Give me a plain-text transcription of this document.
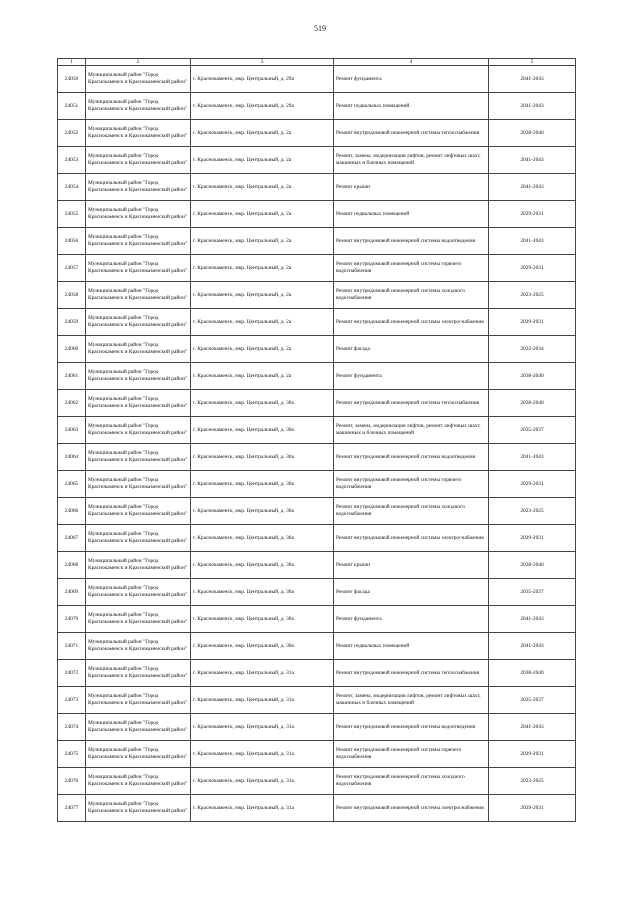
519
1	2	3	4	5
24050	Муниципальный район "Город Краснокаменск и Краснокаменский район"	г. Краснокаменск, мкр. Центральный, д. 29а	Ремонт фундамента	2041-2043
24051	Муниципальный район "Город Краснокаменск и Краснокаменский район"	г. Краснокаменск, мкр. Центральный, д. 29а	Ремонт подвальных помещений	2041-2043
24052	Муниципальный район "Город Краснокаменск и Краснокаменский район"	г. Краснокаменск, мкр. Центральный, д. 2а	Ремонт внутридомовой инженерной системы теплоснабжения	2038-2040
24053	Муниципальный район "Город Краснокаменск и Краснокаменский район"	г. Краснокаменск, мкр. Центральный, д. 2а	Ремонт, замена, модернизация лифтов, ремонт лифтовых шахт, машинных и блочных помещений	2041-2043
24054	Муниципальный район "Город Краснокаменск и Краснокаменский район"	г. Краснокаменск, мкр. Центральный, д. 2а	Ремонт крыши	2041-2043
24055	Муниципальный район "Город Краснокаменск и Краснокаменский район"	г. Краснокаменск, мкр. Центральный, д. 2а	Ремонт подвальных помещений	2029-2031
24056	Муниципальный район "Город Краснокаменск и Краснокаменский район"	г. Краснокаменск, мкр. Центральный, д. 2а	Ремонт внутридомовой инженерной системы водоотведения	2041-2043
24057	Муниципальный район "Город Краснокаменск и Краснокаменский район"	г. Краснокаменск, мкр. Центральный, д. 2а	Ремонт внутридомовой инженерной системы горячего водоснабжения	2029-2031
24058	Муниципальный район "Город Краснокаменск и Краснокаменский район"	г. Краснокаменск, мкр. Центральный, д. 2а	Ремонт внутридомовой инженерной системы холодного водоснабжения	2023-2025
24059	Муниципальный район "Город Краснокаменск и Краснокаменский район"	г. Краснокаменск, мкр. Центральный, д. 2а	Ремонт внутридомовой инженерной системы электроснабжения	2029-2031
24060	Муниципальный район "Город Краснокаменск и Краснокаменский район"	г. Краснокаменск, мкр. Центральный, д. 2а	Ремонт фасада	2032-2034
24061	Муниципальный район "Город Краснокаменск и Краснокаменский район"	г. Краснокаменск, мкр. Центральный, д. 2а	Ремонт фундамента	2038-2040
24062	Муниципальный район "Город Краснокаменск и Краснокаменский район"	г. Краснокаменск, мкр. Центральный, д. 30а	Ремонт внутридомовой инженерной системы теплоснабжения	2038-2040
24063	Муниципальный район "Город Краснокаменск и Краснокаменский район"	г. Краснокаменск, мкр. Центральный, д. 30а	Ремонт, замена, модернизация лифтов, ремонт лифтовых шахт, машинных и блочных помещений	2035-2037
24064	Муниципальный район "Город Краснокаменск и Краснокаменский район"	г. Краснокаменск, мкр. Центральный, д. 30а	Ремонт внутридомовой инженерной системы водоотведения	2041-2043
24065	Муниципальный район "Город Краснокаменск и Краснокаменский район"	г. Краснокаменск, мкр. Центральный, д. 30а	Ремонт внутридомовой инженерной системы горячего водоснабжения	2029-2031
24066	Муниципальный район "Город Краснокаменск и Краснокаменский район"	г. Краснокаменск, мкр. Центральный, д. 30а	Ремонт внутридомовой инженерной системы холодного водоснабжения	2023-2025
24067	Муниципальный район "Город Краснокаменск и Краснокаменский район"	г. Краснокаменск, мкр. Центральный, д. 30а	Ремонт внутридомовой инженерной системы электроснабжения	2029-2031
24068	Муниципальный район "Город Краснокаменск и Краснокаменский район"	г. Краснокаменск, мкр. Центральный, д. 30а	Ремонт крыши	2038-2040
24069	Муниципальный район "Город Краснокаменск и Краснокаменский район"	г. Краснокаменск, мкр. Центральный, д. 30а	Ремонт фасада	2035-2037
24070	Муниципальный район "Город Краснокаменск и Краснокаменский район"	г. Краснокаменск, мкр. Центральный, д. 30а	Ремонт фундамента	2041-2043
24071	Муниципальный район "Город Краснокаменск и Краснокаменский район"	г. Краснокаменск, мкр. Центральный, д. 30а	Ремонт подвальных помещений	2041-2043
24072	Муниципальный район "Город Краснокаменск и Краснокаменский район"	г. Краснокаменск, мкр. Центральный, д. 31а	Ремонт внутридомовой инженерной системы теплоснабжения	2038-2040
24073	Муниципальный район "Город Краснокаменск и Краснокаменский район"	г. Краснокаменск, мкр. Центральный, д. 31а	Ремонт, замена, модернизация лифтов, ремонт лифтовых шахт, машинных и блочных помещений	2035-2037
24074	Муниципальный район "Город Краснокаменск и Краснокаменский район"	г. Краснокаменск, мкр. Центральный, д. 31а	Ремонт внутридомовой инженерной системы водоотведения	2041-2043
24075	Муниципальный район "Город Краснокаменск и Краснокаменский район"	г. Краснокаменск, мкр. Центральный, д. 31а	Ремонт внутридомовой инженерной системы горячего водоснабжения	2029-2031
24076	Муниципальный район "Город Краснокаменск и Краснокаменский район"	г. Краснокаменск, мкр. Центральный, д. 31а	Ремонт внутридомовой инженерной системы холодного водоснабжения	2023-2025
24077	Муниципальный район "Город Краснокаменск и Краснокаменский район"	г. Краснокаменск, мкр. Центральный, д. 31а	Ремонт внутридомовой инженерной системы электроснабжения	2029-2031
